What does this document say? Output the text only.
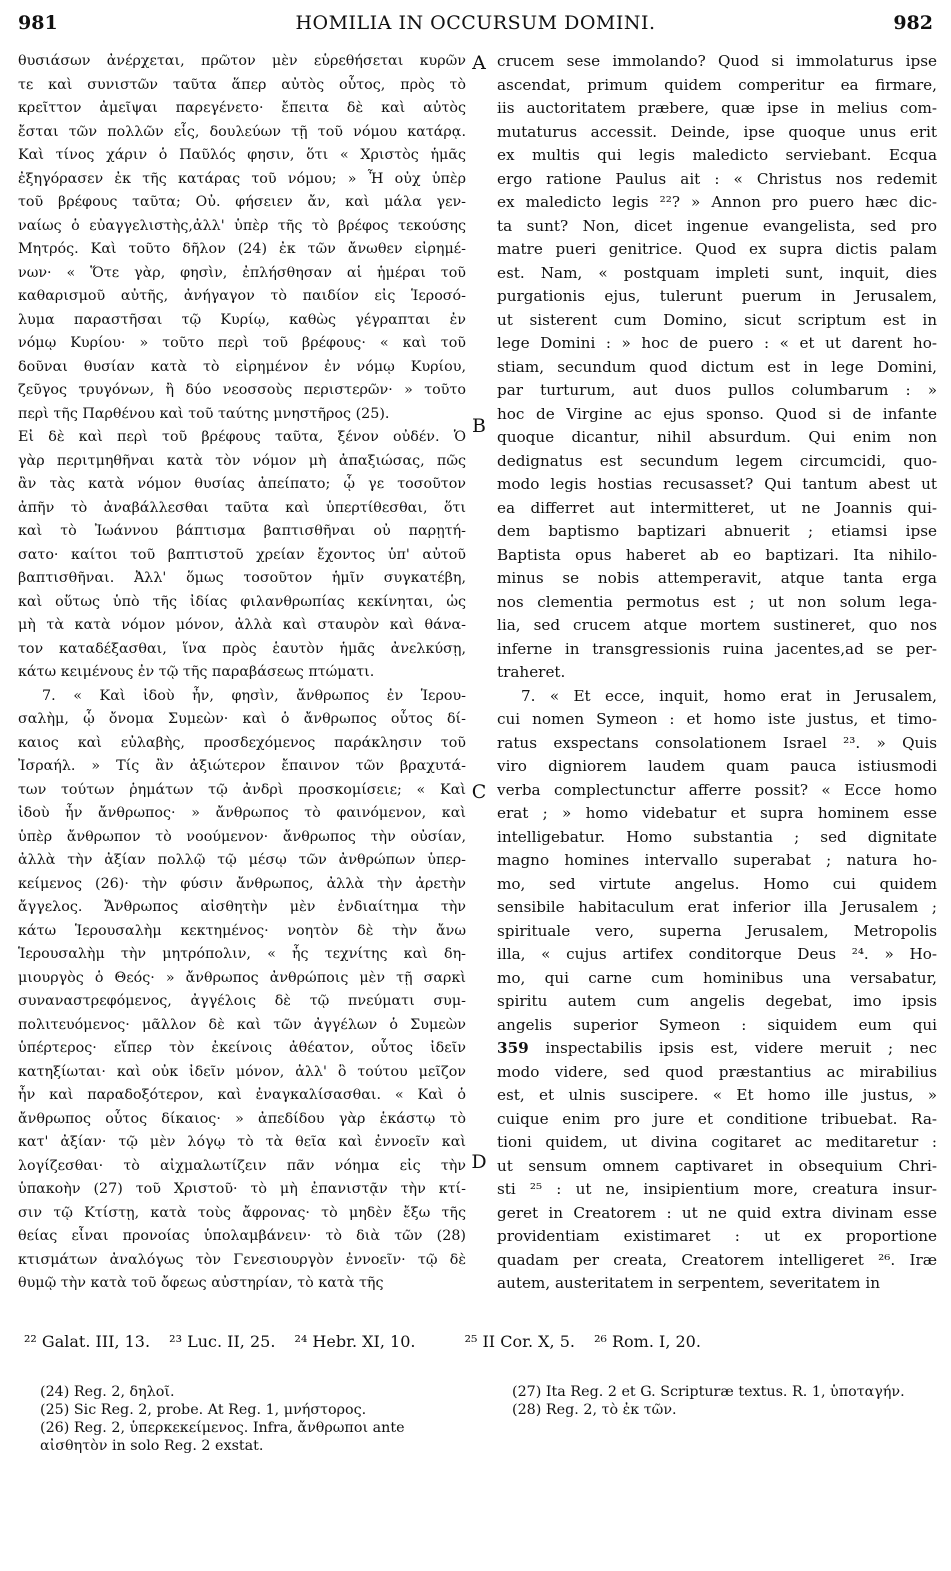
981	HOMILIA IN OCCURSUM DOMINI.	982
θυσιάσων ἀνέρχεται, πρῶτον μὲν εὑρεθήσεται κυρῶν
τε καὶ συνιστῶν ταῦτα ἅπερ αὐτὸς οὗτος, πρὸς τὸ
κρεῖττον ἀμεῖψαι παρεγένετο· ἔπειτα δὲ καὶ αὐτὸς
ἔσται τῶν πολλῶν εἷς, δουλεύων τῇ τοῦ νόμου κατάρᾳ.
Καὶ τίνος χάριν ὁ Παῦλός φησιν, ὅτι « Χριστὸς ἡμᾶς
ἐξηγόρασεν ἐκ τῆς κατάρας τοῦ νόμου; » Ἦ οὐχ ὑπὲρ
τοῦ βρέφους ταῦτα; Οὐ. φήσειεν ἄν, καὶ μάλα γεν-
ναίως ὁ εὐαγγελιστὴς,ἀλλ' ὑπὲρ τῆς τὸ βρέφος τεκούσης
Μητρός. Καὶ τοῦτο δῆλον (24) ἐκ τῶν ἄνωθεν εἰρημέ-
νων· « Ὅτε γὰρ, φησὶν, ἐπλήσθησαν αἱ ἡμέραι τοῦ
καθαρισμοῦ αὐτῆς, ἀνήγαγον τὸ παιδίον εἰς Ἱεροσό-
λυμα παραστῆσαι τῷ Κυρίῳ, καθὼς γέγραπται ἐν
νόμῳ Κυρίου· » τοῦτο περὶ τοῦ βρέφους· « καὶ τοῦ
δοῦναι θυσίαν κατὰ τὸ εἰρημένον ἐν νόμῳ Κυρίου,
ζεῦγος τρυγόνων, ἢ δύο νεοσσοὺς περιστερῶν· » τοῦτο
περὶ τῆς Παρθένου καὶ τοῦ ταύτης μνηστῆρος (25).
Εἰ δὲ καὶ περὶ τοῦ βρέφους ταῦτα, ξένον οὐδέν. Ὁ
γὰρ περιτμηθῆναι κατὰ τὸν νόμον μὴ ἀπαξιώσας, πῶς
ἂν τὰς κατὰ νόμον θυσίας ἀπείπατο; ᾧ γε τοσοῦτον
ἀπῆν τὸ ἀναβάλλεσθαι ταῦτα καὶ ὑπερτίθεσθαι, ὅτι
καὶ τὸ Ἰωάννου βάπτισμα βαπτισθῆναι οὐ παρῃτή-
σατο· καίτοι τοῦ βαπτιστοῦ χρείαν ἔχοντος ὑπ' αὐτοῦ
βαπτισθῆναι. Ἀλλ' ὅμως τοσοῦτον ἡμῖν συγκατέβη,
καὶ οὕτως ὑπὸ τῆς ἰδίας φιλανθρωπίας κεκίνηται, ὡς
μὴ τὰ κατὰ νόμον μόνον, ἀλλὰ καὶ σταυρὸν καὶ θάνα-
τον καταδέξασθαι, ἵνα πρὸς ἑαυτὸν ἡμᾶς ἀνελκύσῃ,
κάτω κειμένους ἐν τῷ τῆς παραβάσεως πτώματι.
7. « Καὶ ἰδοὺ ἦν, φησὶν, ἄνθρωπος ἐν Ἱερου-
σαλὴμ, ᾧ ὄνομα Συμεὼν· καὶ ὁ ἄνθρωπος οὗτος δί-
καιος καὶ εὐλαβὴς, προσδεχόμενος παράκλησιν τοῦ
Ἰσραήλ. » Τίς ἂν ἀξιώτερον ἔπαινον τῶν βραχυτά-
των τούτων ῥημάτων τῷ ἀνδρὶ προσκομίσειε; « Καὶ
ἰδοὺ ἦν ἄνθρωπος· » ἄνθρωπος τὸ φαινόμενον, καὶ
ὑπὲρ ἄνθρωπον τὸ νοούμενον· ἄνθρωπος τὴν οὐσίαν,
ἀλλὰ τὴν ἀξίαν πολλῷ τῷ μέσῳ τῶν ἀνθρώπων ὑπερ-
κείμενος (26)· τὴν φύσιν ἄνθρωπος, ἀλλὰ τὴν ἀρετὴν
ἄγγελος. Ἄνθρωπος αἰσθητὴν μὲν ἐνδιαίτημα τὴν
κάτω Ἱερουσαλὴμ κεκτημένος· νοητὸν δὲ τὴν ἄνω
Ἱερουσαλὴμ τὴν μητρόπολιν, « ἧς τεχνίτης καὶ δη-
μιουργὸς ὁ Θεός· » ἄνθρωπος ἀνθρώποις μὲν τῇ σαρκὶ
συναναστρεφόμενος, ἀγγέλοις δὲ τῷ πνεύματι συμ-
πολιτευόμενος· μᾶλλον δὲ καὶ τῶν ἀγγέλων ὁ Συμεὼν
ὑπέρτερος· εἴπερ τὸν ἐκείνοις ἀθέατον, οὗτος ἰδεῖν
κατηξίωται· καὶ οὐκ ἰδεῖν μόνον, ἀλλ' ὃ τούτου μεῖζον
ἦν καὶ παραδοξότερον, καὶ ἐναγκαλίσασθαι. « Καὶ ὁ
ἄνθρωπος οὗτος δίκαιος· » ἀπεδίδου γὰρ ἑκάστῳ τὸ
κατ' ἀξίαν· τῷ μὲν λόγῳ τὸ τὰ θεῖα καὶ ἐννοεῖν καὶ
λογίζεσθαι· τὸ αἰχμαλωτίζειν πᾶν νόημα εἰς τὴν
ὑπακοὴν (27) τοῦ Χριστοῦ· τὸ μὴ ἐπανιστᾷν τὴν κτί-
σιν τῷ Κτίστῃ, κατὰ τοὺς ἄφρονας· τὸ μηδὲν ἔξω τῆς
θείας εἶναι προνοίας ὑπολαμβάνειν· τὸ διὰ τῶν (28)
κτισμάτων ἀναλόγως τὸν Γενεσιουργὸν ἐννοεῖν· τῷ δὲ
θυμῷ τὴν κατὰ τοῦ ὄφεως αὐστηρίαν, τὸ κατὰ τῆς
crucem sese immolando? Quod si immolaturus ipse
ascendat, primum quidem comperitur ea firmare,
iis auctoritatem præbere, quæ ipse in melius com-
mutaturus accessit. Deinde, ipse quoque unus erit
ex multis qui legis maledicto serviebant. Ecqua
ergo ratione Paulus ait : « Christus nos redemit
ex maledicto legis ²²? » Annon pro puero hæc dic-
ta sunt? Non, dicet ingenue evangelista, sed pro
matre pueri genitrice. Quod ex supra dictis palam
est. Nam, « postquam impleti sunt, inquit, dies
purgationis ejus, tulerunt puerum in Jerusalem,
ut sisterent cum Domino, sicut scriptum est in
lege Domini : » hoc de puero : « et ut darent ho-
stiam, secundum quod dictum est in lege Domini,
par turturum, aut duos pullos columbarum : »
hoc de Virgine ac ejus sponso. Quod si de infante
quoque dicantur, nihil absurdum. Qui enim non
dedignatus est secundum legem circumcidi, quo-
modo legis hostias recusasset? Qui tantum abest ut
ea differret aut intermitteret, ut ne Joannis qui-
dem baptismo baptizari abnuerit ; etiamsi ipse
Baptista opus haberet ab eo baptizari. Ita nihilo-
minus se nobis attemperavit, atque tanta erga
nos clementia permotus est ; ut non solum lega-
lia, sed crucem atque mortem sustineret, quo nos
inferne in transgressionis ruina jacentes,ad se per-
traheret.
7. « Et ecce, inquit, homo erat in Jerusalem,
cui nomen Symeon : et homo iste justus, et timo-
ratus exspectans consolationem Israel ²³. » Quis
viro digniorem laudem quam pauca istiusmodi
verba complectunctur afferre possit? « Ecce homo
erat ; » homo videbatur et supra hominem esse
intelligebatur. Homo substantia ; sed dignitate
magno homines intervallo superabat ; natura ho-
mo, sed virtute angelus. Homo cui quidem
sensibile habitaculum erat inferior illa Jerusalem ;
spirituale vero, superna Jerusalem, Metropolis
illa, « cujus artifex conditorque Deus ²⁴. » Ho-
mo, qui carne cum hominibus una versabatur,
spiritu autem cum angelis degebat, imo ipsis
angelis superior Symeon : siquidem eum qui
359 inspectabilis ipsis est, videre meruit ; nec
modo videre, sed quod præstantius ac mirabilius
est, et ulnis suscipere. « Et homo ille justus, »
cuique enim pro jure et conditione tribuebat. Ra-
tioni quidem, ut divina cogitaret ac meditaretur :
ut sensum omnem captivaret in obsequium Chri-
sti ²⁵ : ut ne, insipientium more, creatura insur-
geret in Creatorem : ut ne quid extra divinam esse
providentiam existimaret : ut ex proportione
quadam per creata, Creatorem intelligeret ²⁶. Iræ
autem, austeritatem in serpentem, severitatem in
A
B
C
D
²² Galat. III, 13. ²³ Luc. II, 25. ²⁴ Hebr. XI, 10.	²⁵ II Cor. X, 5. ²⁶ Rom. I, 20.

(24) Reg. 2, δηλοῖ.

(25) Sic Reg. 2, probe. At Reg. 1, μνήστορος.

(26) Reg. 2, ὑπερκεκείμενος. Infra, ἄνθρωποι ante αἰσθητὸν in solo Reg. 2 exstat.

(27) Ita Reg. 2 et G. Scripturæ textus. R. 1, ὑποταγήν.

(28) Reg. 2, τὸ ἐκ τῶν.
